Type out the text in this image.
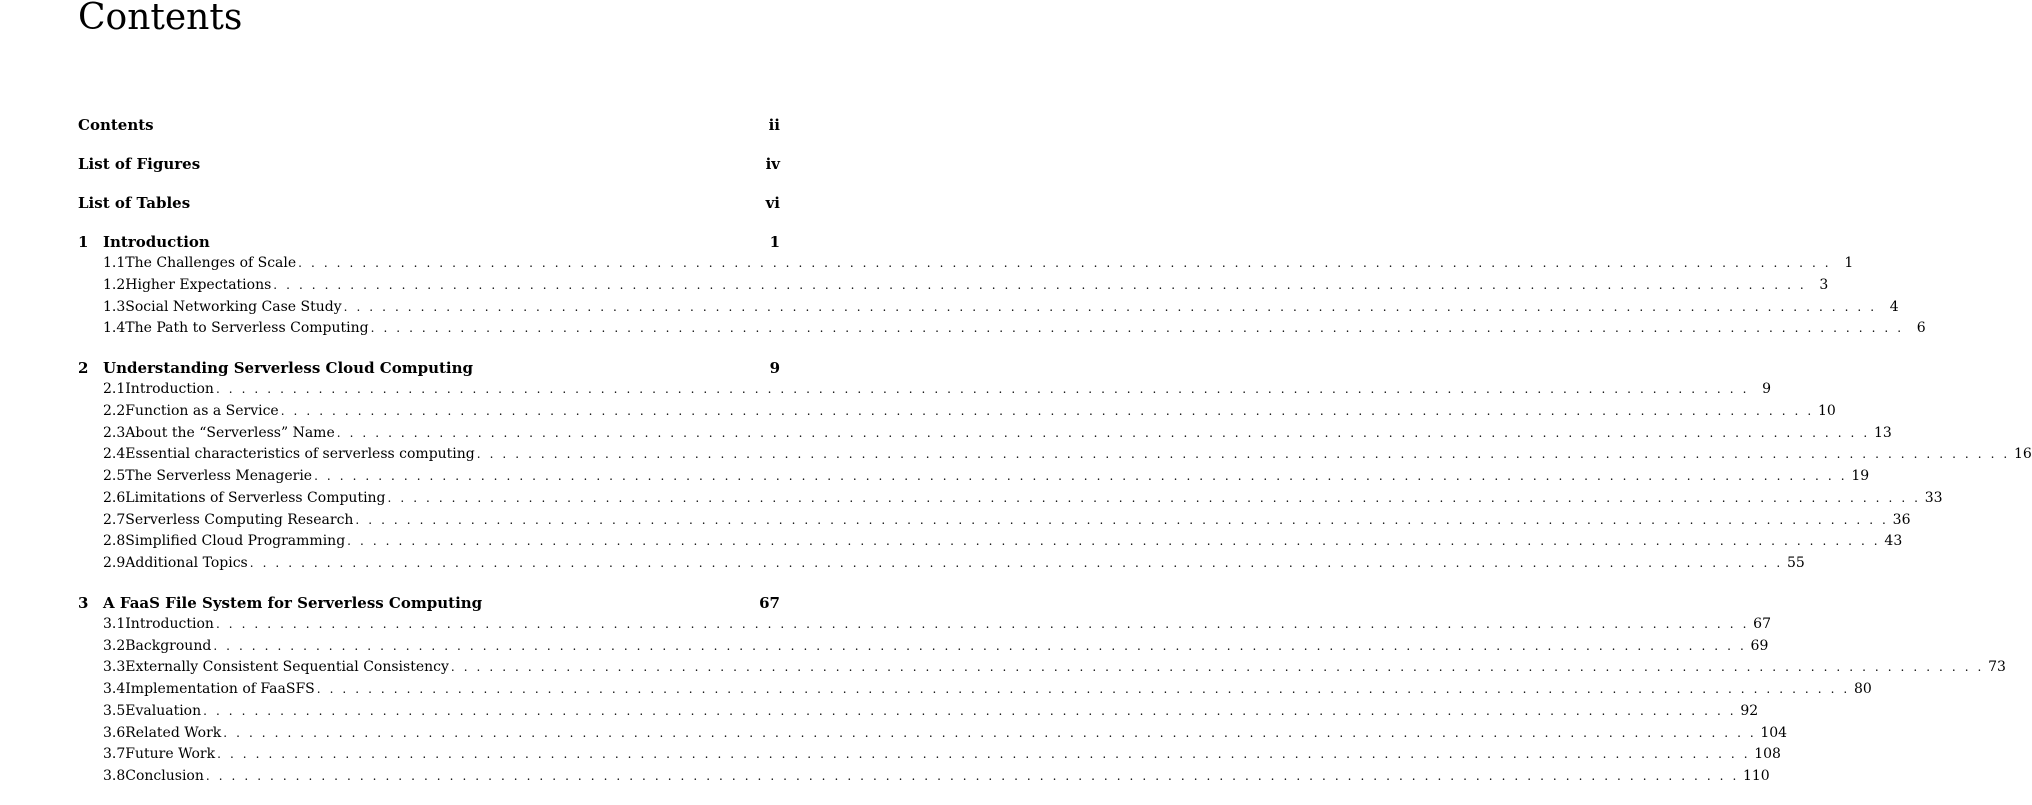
Contents
Contents	ii
List of Figures	iv
List of Tables	vi
1 Introduction	1
1.1 The Challenges of Scale . . . . . . . . . . . . . . . . . . . . . . . . . . . . . . . . . . . . . . . . . . . . . . . . . . . . . . . . . . . . . . . . . . . . . . . . . . . . . . . . . . . . . . . . . . . . . . . . . . . . . . . . . . . . . . . . . . . . . . . . 1
1.2 Higher Expectations . . . . . . . . . . . . . . . . . . . . . . . . . . . . . . . . . . . . . . . . . . . . . . . . . . . . . . . . . . . . . . . . . . . . . . . . . . . . . . . . . . . . . . . . . . . . . . . . . . . . . . . . . . . . . . . . . . . . . . . . 3
1.3 Social Networking Case Study . . . . . . . . . . . . . . . . . . . . . . . . . . . . . . . . . . . . . . . . . . . . . . . . . . . . . . . . . . . . . . . . . . . . . . . . . . . . . . . . . . . . . . . . . . . . . . . . . . . . . . . . . . . . . . . . . . . . . . . . 4
1.4 The Path to Serverless Computing . . . . . . . . . . . . . . . . . . . . . . . . . . . . . . . . . . . . . . . . . . . . . . . . . . . . . . . . . . . . . . . . . . . . . . . . . . . . . . . . . . . . . . . . . . . . . . . . . . . . . . . . . . . . . . . . . . . . . . . . 6
2 Understanding Serverless Cloud Computing	9
2.1 Introduction . . . . . . . . . . . . . . . . . . . . . . . . . . . . . . . . . . . . . . . . . . . . . . . . . . . . . . . . . . . . . . . . . . . . . . . . . . . . . . . . . . . . . . . . . . . . . . . . . . . . . . . . . . . . . . . . . . . . . . . . 9
2.2 Function as a Service . . . . . . . . . . . . . . . . . . . . . . . . . . . . . . . . . . . . . . . . . . . . . . . . . . . . . . . . . . . . . . . . . . . . . . . . . . . . . . . . . . . . . . . . . . . . . . . . . . . . . . . . . . . . . . . . . . . . . . . . 10
2.3 About the “Serverless” Name . . . . . . . . . . . . . . . . . . . . . . . . . . . . . . . . . . . . . . . . . . . . . . . . . . . . . . . . . . . . . . . . . . . . . . . . . . . . . . . . . . . . . . . . . . . . . . . . . . . . . . . . . . . . . . . . . . . . . . . . 13
2.4 Essential characteristics of serverless computing . . . . . . . . . . . . . . . . . . . . . . . . . . . . . . . . . . . . . . . . . . . . . . . . . . . . . . . . . . . . . . . . . . . . . . . . . . . . . . . . . . . . . . . . . . . . . . . . . . . . . . . . . . . . . . . . . . . . . . . . 16
2.5 The Serverless Menagerie . . . . . . . . . . . . . . . . . . . . . . . . . . . . . . . . . . . . . . . . . . . . . . . . . . . . . . . . . . . . . . . . . . . . . . . . . . . . . . . . . . . . . . . . . . . . . . . . . . . . . . . . . . . . . . . . . . . . . . . . 19
2.6 Limitations of Serverless Computing . . . . . . . . . . . . . . . . . . . . . . . . . . . . . . . . . . . . . . . . . . . . . . . . . . . . . . . . . . . . . . . . . . . . . . . . . . . . . . . . . . . . . . . . . . . . . . . . . . . . . . . . . . . . . . . . . . . . . . . . 33
2.7 Serverless Computing Research . . . . . . . . . . . . . . . . . . . . . . . . . . . . . . . . . . . . . . . . . . . . . . . . . . . . . . . . . . . . . . . . . . . . . . . . . . . . . . . . . . . . . . . . . . . . . . . . . . . . . . . . . . . . . . . . . . . . . . . . 36
2.8 Simplified Cloud Programming . . . . . . . . . . . . . . . . . . . . . . . . . . . . . . . . . . . . . . . . . . . . . . . . . . . . . . . . . . . . . . . . . . . . . . . . . . . . . . . . . . . . . . . . . . . . . . . . . . . . . . . . . . . . . . . . . . . . . . . . 43
2.9 Additional Topics . . . . . . . . . . . . . . . . . . . . . . . . . . . . . . . . . . . . . . . . . . . . . . . . . . . . . . . . . . . . . . . . . . . . . . . . . . . . . . . . . . . . . . . . . . . . . . . . . . . . . . . . . . . . . . . . . . . . . . . . 55
3 A FaaS File System for Serverless Computing	67
3.1 Introduction . . . . . . . . . . . . . . . . . . . . . . . . . . . . . . . . . . . . . . . . . . . . . . . . . . . . . . . . . . . . . . . . . . . . . . . . . . . . . . . . . . . . . . . . . . . . . . . . . . . . . . . . . . . . . . . . . . . . . . . . 67
3.2 Background . . . . . . . . . . . . . . . . . . . . . . . . . . . . . . . . . . . . . . . . . . . . . . . . . . . . . . . . . . . . . . . . . . . . . . . . . . . . . . . . . . . . . . . . . . . . . . . . . . . . . . . . . . . . . . . . . . . . . . . . 69
3.3 Externally Consistent Sequential Consistency . . . . . . . . . . . . . . . . . . . . . . . . . . . . . . . . . . . . . . . . . . . . . . . . . . . . . . . . . . . . . . . . . . . . . . . . . . . . . . . . . . . . . . . . . . . . . . . . . . . . . . . . . . . . . . . . . . . . . . . . 73
3.4 Implementation of FaaSFS . . . . . . . . . . . . . . . . . . . . . . . . . . . . . . . . . . . . . . . . . . . . . . . . . . . . . . . . . . . . . . . . . . . . . . . . . . . . . . . . . . . . . . . . . . . . . . . . . . . . . . . . . . . . . . . . . . . . . . . . 80
3.5 Evaluation . . . . . . . . . . . . . . . . . . . . . . . . . . . . . . . . . . . . . . . . . . . . . . . . . . . . . . . . . . . . . . . . . . . . . . . . . . . . . . . . . . . . . . . . . . . . . . . . . . . . . . . . . . . . . . . . . . . . . . . . 92
3.6 Related Work . . . . . . . . . . . . . . . . . . . . . . . . . . . . . . . . . . . . . . . . . . . . . . . . . . . . . . . . . . . . . . . . . . . . . . . . . . . . . . . . . . . . . . . . . . . . . . . . . . . . . . . . . . . . . . . . . . . . . . . . 104
3.7 Future Work . . . . . . . . . . . . . . . . . . . . . . . . . . . . . . . . . . . . . . . . . . . . . . . . . . . . . . . . . . . . . . . . . . . . . . . . . . . . . . . . . . . . . . . . . . . . . . . . . . . . . . . . . . . . . . . . . . . . . . . . 108
3.8 Conclusion . . . . . . . . . . . . . . . . . . . . . . . . . . . . . . . . . . . . . . . . . . . . . . . . . . . . . . . . . . . . . . . . . . . . . . . . . . . . . . . . . . . . . . . . . . . . . . . . . . . . . . . . . . . . . . . . . . . . . . . . 110
